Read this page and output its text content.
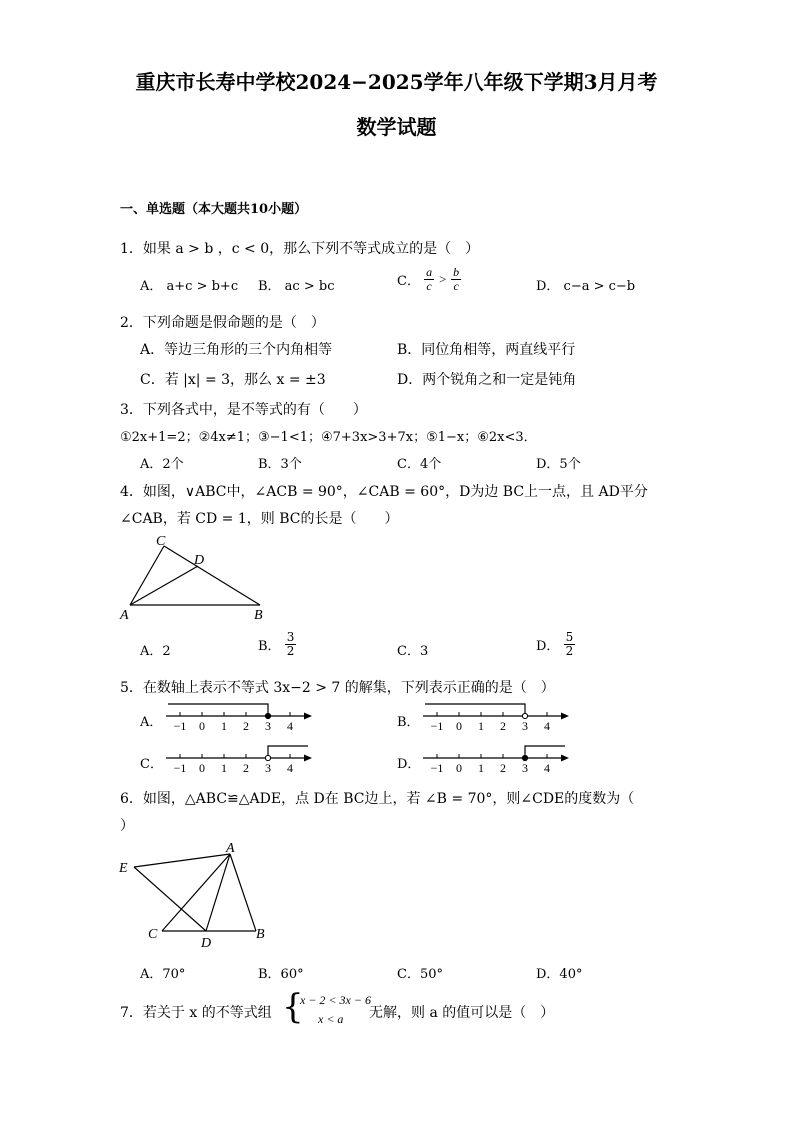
重庆市长寿中学校2024−2025学年八年级下学期3月月考
数学试题
一、单选题（本大题共10小题）
1．如果 a > b ，c < 0，那么下列不等式成立的是（　）
A． a+c > b+c B． ac > bc	C． $\frac{a}{c} > \frac{b}{c}$	D． c−a > c−b
2．下列命题是假命题的是（　）
A．等边三角形的三个内角相等	B．同位角相等，两直线平行
C．若 |x| = 3，那么 x = ±3	D．两个锐角之和一定是钝角
3．下列各式中，是不等式的有（　　）
①2x+1=2；②4x≠1；③−1<1；④7+3x>3+7x；⑤1−x；⑥2x<3．
A．2个	B．3个	C．4个	D．5个
4．如图，∨ABC中，∠ACB = 90°，∠CAB = 60°，D为边 BC上一点，且 AD平分
∠CAB，若 CD = 1，则 BC的长是（　　）
C
D
A	B
A．2	B． $\frac{3}{2}$	C．3	D． $\frac{5}{2}$
5．在数轴上表示不等式 3x−2 > 7 的解集，下列表示正确的是（　）
A． −1 0 1 2 3 4	B． −1 0 1 2 3 4
C． −1 0 1 2 3 4	D． −1 0 1 2 3 4
6．如图，△ABC≌△ADE，点 D在 BC边上，若 ∠B = 70°，则∠CDE的度数为（
）
E
A
C
D
B
A．70°	B．60°	C．50°	D．40°
7．若关于 x 的不等式组 {
x − 2 < 3x − 6
x < a 无解，则 a 的值可以是（　）
